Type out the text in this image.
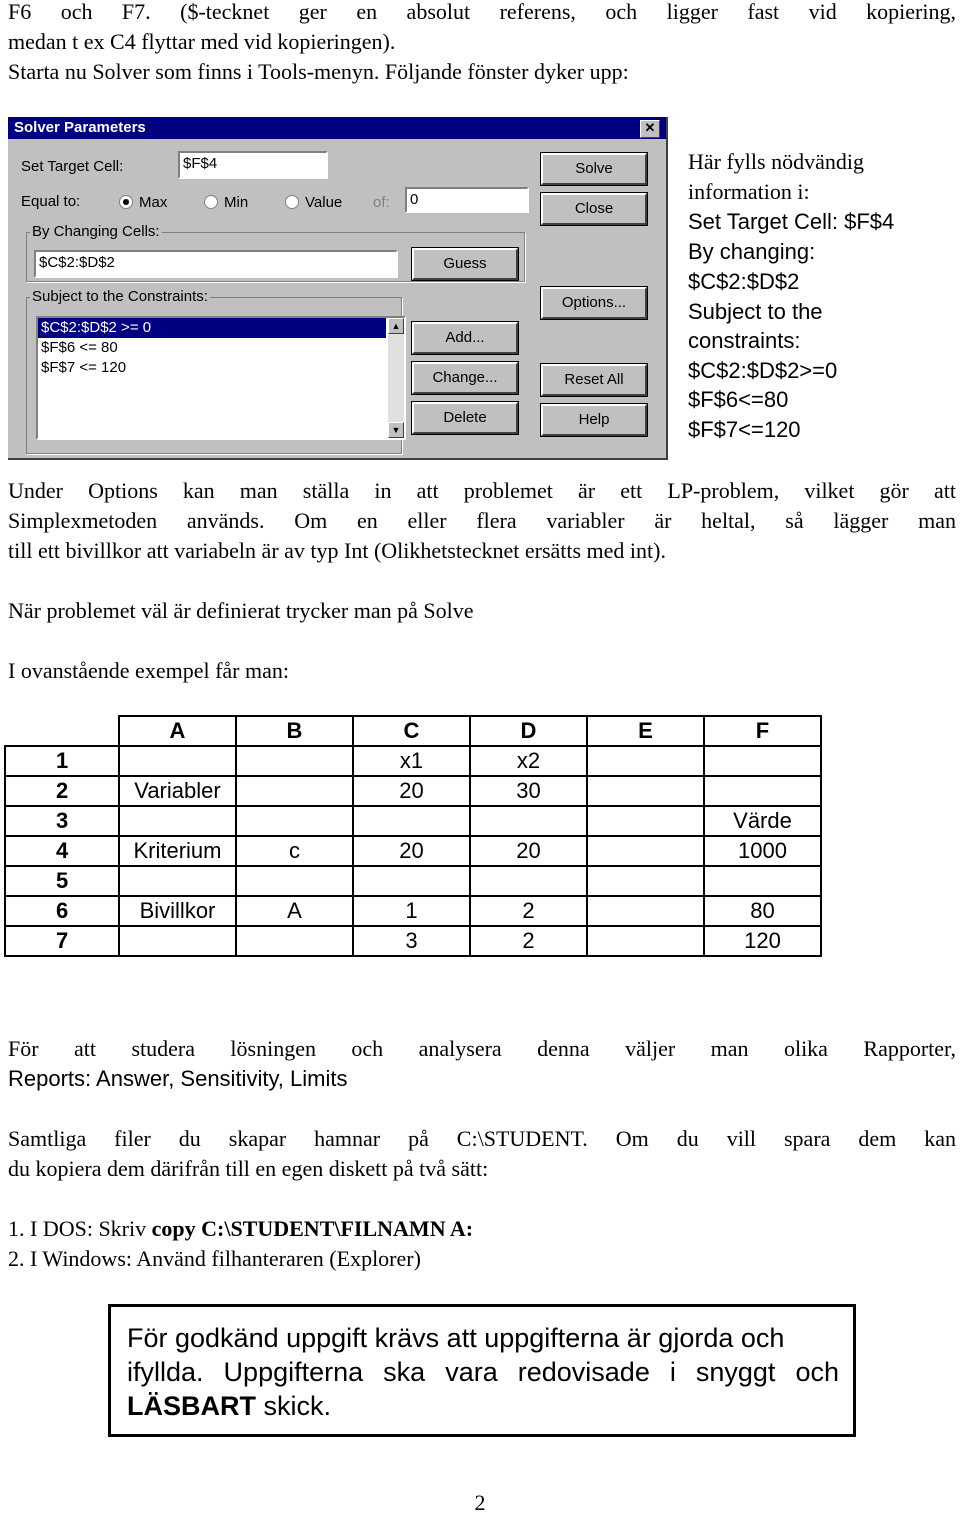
F6 och F7. ($-tecknet ger en absolut referens, och ligger fast vid kopiering,
medan t ex C4 flyttar med vid kopieringen).
Starta nu Solver som finns i Tools-menyn. Följande fönster dyker upp:
Solver Parameters	✕
Set Target Cell:	$F$4
Equal to:	Max	Min	Value of:	0
By Changing Cells:
$C$2:$D$2
Subject to the Constraints:
$C$2:$D$2 >= 0
$F$6 <= 80
$F$7 <= 120
▲
▼
Solve
Close
Guess
Options...
Add...
Change...	Reset All
Delete	Help
Här fylls nödvändig
information i:
Set Target Cell: $F$4
By changing:
$C$2:$D$2
Subject to the
constraints:
$C$2:$D$2>=0
$F$6<=80
$F$7<=120
Under Options kan man ställa in att problemet är ett LP-problem, vilket gör att
Simplexmetoden används. Om en eller flera variabler är heltal, så lägger man
till ett bivillkor att variabeln är av typ Int (Olikhetstecknet ersätts med int).
När problemet väl är definierat trycker man på Solve
I ovanstående exempel får man:
	A	B	C	D	E	F
1			x1	x2		
2	Variabler		20	30		
3						Värde
4	Kriterium	c	20	20		1000
5						
6	Bivillkor	A	1	2		80
7			3	2		120
För att studera lösningen och analysera denna väljer man olika Rapporter,
Reports: Answer, Sensitivity, Limits
Samtliga filer du skapar hamnar på C:\STUDENT. Om du vill spara dem kan
du kopiera dem därifrån till en egen diskett på två sätt:
1. I DOS: Skriv copy C:\STUDENT\FILNAMN A:
2. I Windows: Använd filhanteraren (Explorer)
För godkänd uppgift krävs att uppgifterna är gjorda och
ifyllda. Uppgifterna ska vara redovisade i snyggt och
LÄSBART skick.
2
